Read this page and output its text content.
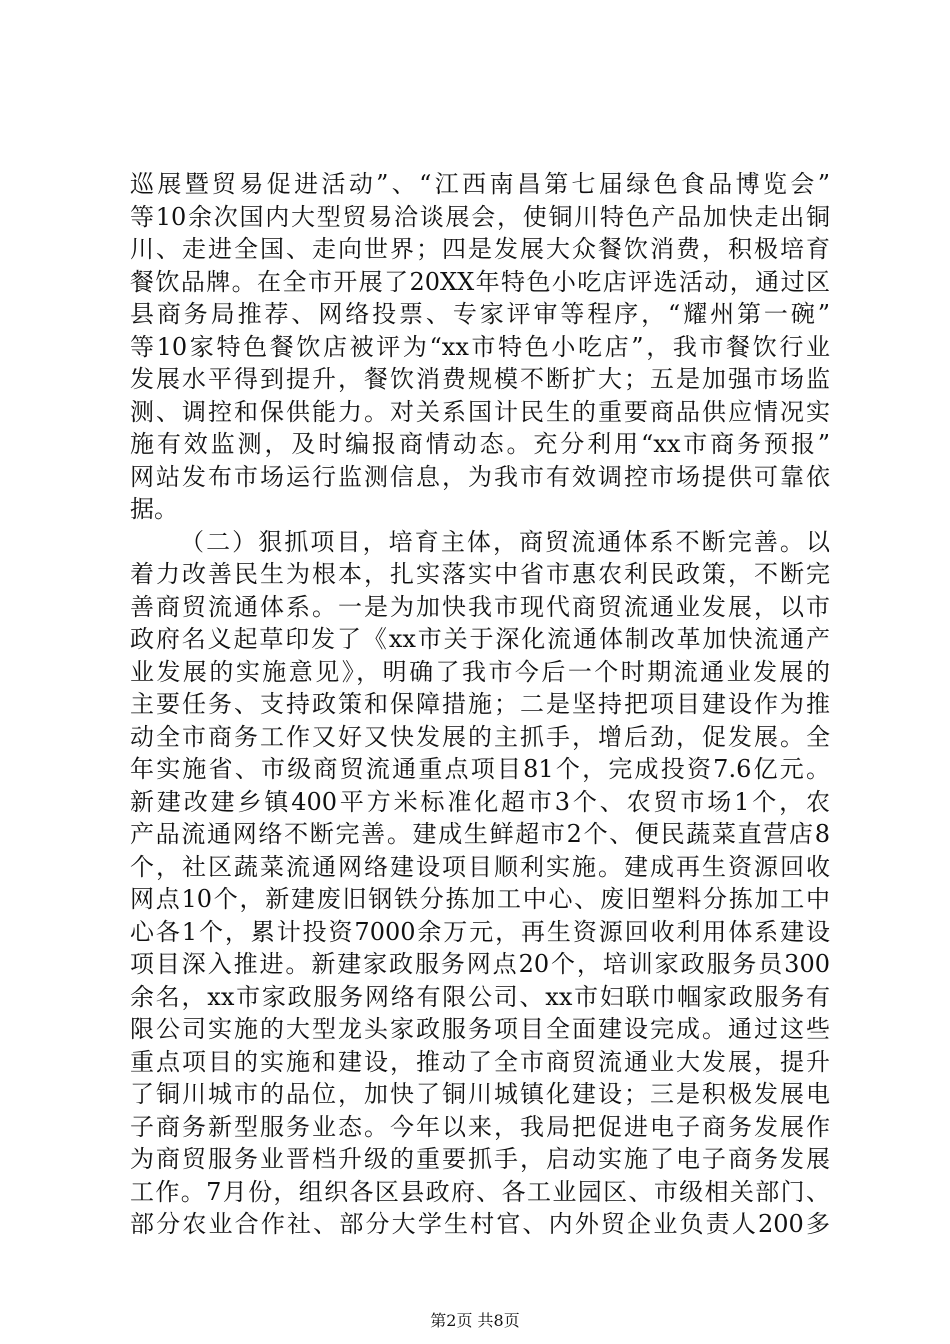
巡展暨贸易促进活动”、“江西南昌第七届绿色食品博览会”
等10余次国内大型贸易洽谈展会，使铜川特色产品加快走出铜
川、走进全国、走向世界；四是发展大众餐饮消费，积极培育
餐饮品牌。在全市开展了20XX年特色小吃店评选活动，通过区
县商务局推荐、网络投票、专家评审等程序，“耀州第一碗”
等10家特色餐饮店被评为“xx市特色小吃店”，我市餐饮行业
发展水平得到提升，餐饮消费规模不断扩大；五是加强市场监
测、调控和保供能力。对关系国计民生的重要商品供应情况实
施有效监测，及时编报商情动态。充分利用“xx市商务预报”
网站发布市场运行监测信息，为我市有效调控市场提供可靠依
据。
（二）狠抓项目，培育主体，商贸流通体系不断完善。以
着力改善民生为根本，扎实落实中省市惠农利民政策，不断完
善商贸流通体系。一是为加快我市现代商贸流通业发展，以市
政府名义起草印发了《xx市关于深化流通体制改革加快流通产
业发展的实施意见》，明确了我市今后一个时期流通业发展的
主要任务、支持政策和保障措施；二是坚持把项目建设作为推
动全市商务工作又好又快发展的主抓手，增后劲，促发展。全
年实施省、市级商贸流通重点项目81个，完成投资7.6亿元。
新建改建乡镇400平方米标准化超市3个、农贸市场1个，农
产品流通网络不断完善。建成生鲜超市2个、便民蔬菜直营店8
个，社区蔬菜流通网络建设项目顺利实施。建成再生资源回收
网点10个，新建废旧钢铁分拣加工中心、废旧塑料分拣加工中
心各1个，累计投资7000余万元，再生资源回收利用体系建设
项目深入推进。新建家政服务网点20个，培训家政服务员300
余名，xx市家政服务网络有限公司、xx市妇联巾帼家政服务有
限公司实施的大型龙头家政服务项目全面建设完成。通过这些
重点项目的实施和建设，推动了全市商贸流通业大发展，提升
了铜川城市的品位，加快了铜川城镇化建设；三是积极发展电
子商务新型服务业态。今年以来，我局把促进电子商务发展作
为商贸服务业晋档升级的重要抓手，启动实施了电子商务发展
工作。7月份，组织各区县政府、各工业园区、市级相关部门、
部分农业合作社、部分大学生村官、内外贸企业负责人200多
第2页 共8页
